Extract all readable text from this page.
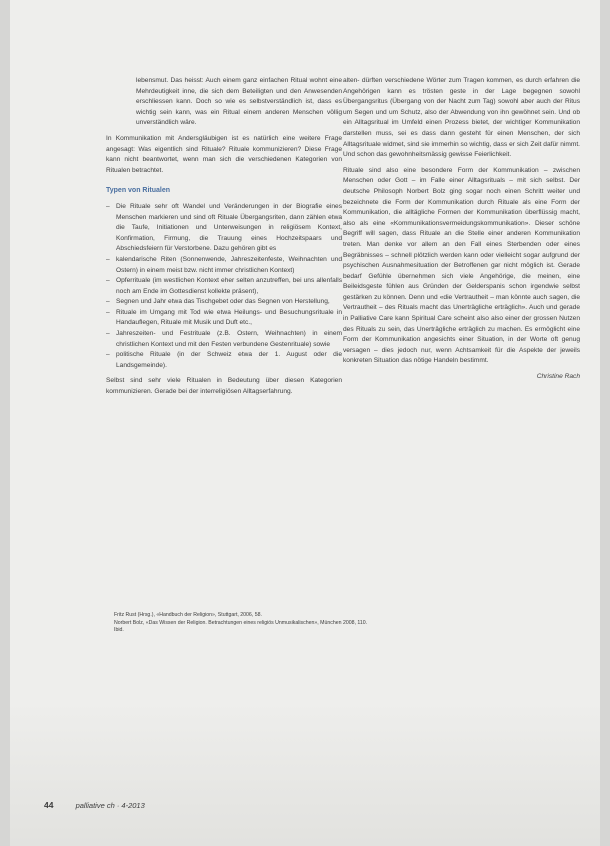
lebensmut. Das heisst: Auch einem ganz einfachen Ritual wohnt eine Mehrdeutigkeit inne, die sich dem Beteiligten und den Anwesenden erschliessen kann. Doch so wie es selbstverständlich ist, dass es wichtig sein kann, was ein Ritual einem anderen Menschen völlig unverständlich wäre.

In Kommunikation mit Andersgläubigen ist es natürlich eine weitere Frage angesagt: Was eigentlich sind Rituale? Rituale kommunizieren? Diese Frage kann nicht beantwortet, wenn man sich die verschiedenen Kategorien von Ritualen betrachtet.

Typen von Ritualen
– Die Rituale sehr oft Wandel und Veränderungen in der Biografie eines Menschen markieren und sind oft Rituale Übergangsriten, dann zählen etwa die Taufe, Initiationen und Unterweisungen in religiösem Kontext, Konfirmation, Firmung, die Trauung eines Hochzeitspaars und Abschiedsfeiern für Verstorbene. Dazu gehören gibt es
– kalendarische Riten (Sonnenwende, Jahreszeitenfeste, Weihnachten und Ostern) in einem meist bzw. nicht immer christlichen Kontext)
– Opferrituale (im westlichen Kontext eher selten anzutreffen, bei uns allenfalls noch am Ende im Gottesdienst kollekte präsent),
– Segnen und Jahr etwa das Tischgebet oder das Segnen von Herstellung,
– Rituale im Umgang mit Tod wie etwa Heilungs- und Besuchungsrituale in Handauflegen, Rituale mit Musik und Duft etc.,
– Jahreszeiten- und Festrituale (z.B. Ostern, Weihnachten) in einem christlichen Kontext und mit den Festen verbundene Gestenrituale) sowie
– politische Rituale (in der Schweiz etwa der 1. August oder die Landsgemeinde).

Selbst sind sehr viele Ritualen in Bedeutung über diesen Kategorien kommunizieren. Gerade bei der interreligiösen Alltagserfahrung.

alten- dürften verschiedene Wörter zum Tragen kommen, es durch erfahren die Angehörigen kann es trösten geste in der Lage begegnen sowohl Übergangsritus (Übergang von der Nacht zum Tag) sowohl aber auch der Ritus um Segen und um Schutz, also der Abwendung von ihn gewöhnet sein. Und ob ein Alltagsritual im Umfeld einen Prozess bietet, der wichtiger Kommunikation darstellen muss, sei es dass dann gesteht für einen Menschen, der sich Alltagsrituale widmet, sind sie immerhin so wichtig, dass er sich Zeit dafür nimmt. Und schon das gewohnheitsmässig gewisse Feierlichkeit.

Rituale sind also eine besondere Form der Kommunikation – zwischen Menschen oder Gott – im Falle einer Alltagsrituals – mit sich selbst. Der deutsche Philosoph Norbert Bolz ging sogar noch einen Schritt weiter und bezeichnete die Form der Kommunikation durch Rituale als eine Form der Kommunikation, die alltägliche Formen der Kommunikation überflüssig macht, also als eine «Kommunikationsvermeidungskommunikation». Dieser schöne Begriff will sagen, dass Rituale an die Stelle einer anderen Kommunikation treten. Man denke vor allem an den Fall eines Sterbenden oder eines Begräbnisses – schnell plötzlich werden kann oder vielleicht sogar aufgrund der psychischen Ausnahmesituation der Betroffenen gar nicht möglich ist. Gerade bedarf Gefühle übernehmen sich viele Angehörige, die meinen, eine Beileidsgeste fühlen aus Gründen der Gelderspanis schon irgendwie selbst gestärken zu können. Denn und «die Vertrautheit – man könnte auch sagen, die Vertrautheit – des Rituals macht das Unerträgliche erträglich». Auch und gerade in Palliative Care kann Spiritual Care scheint also also einer der grossen Nutzen des Rituals zu sein, das Unerträgliche erträglich zu machen. Es ermöglicht eine Form der Kommunikation angesichts einer Situation, in der Worte oft genug versagen – dies jedoch nur, wenn Achtsamkeit für die Aspekte der jeweils konkreten Situation das nötige Handeln bestimmt.

Christine Rach
Fritz Rust (Hrsg.), «Handbuch der Religion», Stuttgart, 2006, 58.
Norbert Bolz, «Das Wissen der Religion. Betrachtungen eines religiös Unmusikalischen», München 2008, 110.
Ibid.
44	palliative ch · 4-2013
